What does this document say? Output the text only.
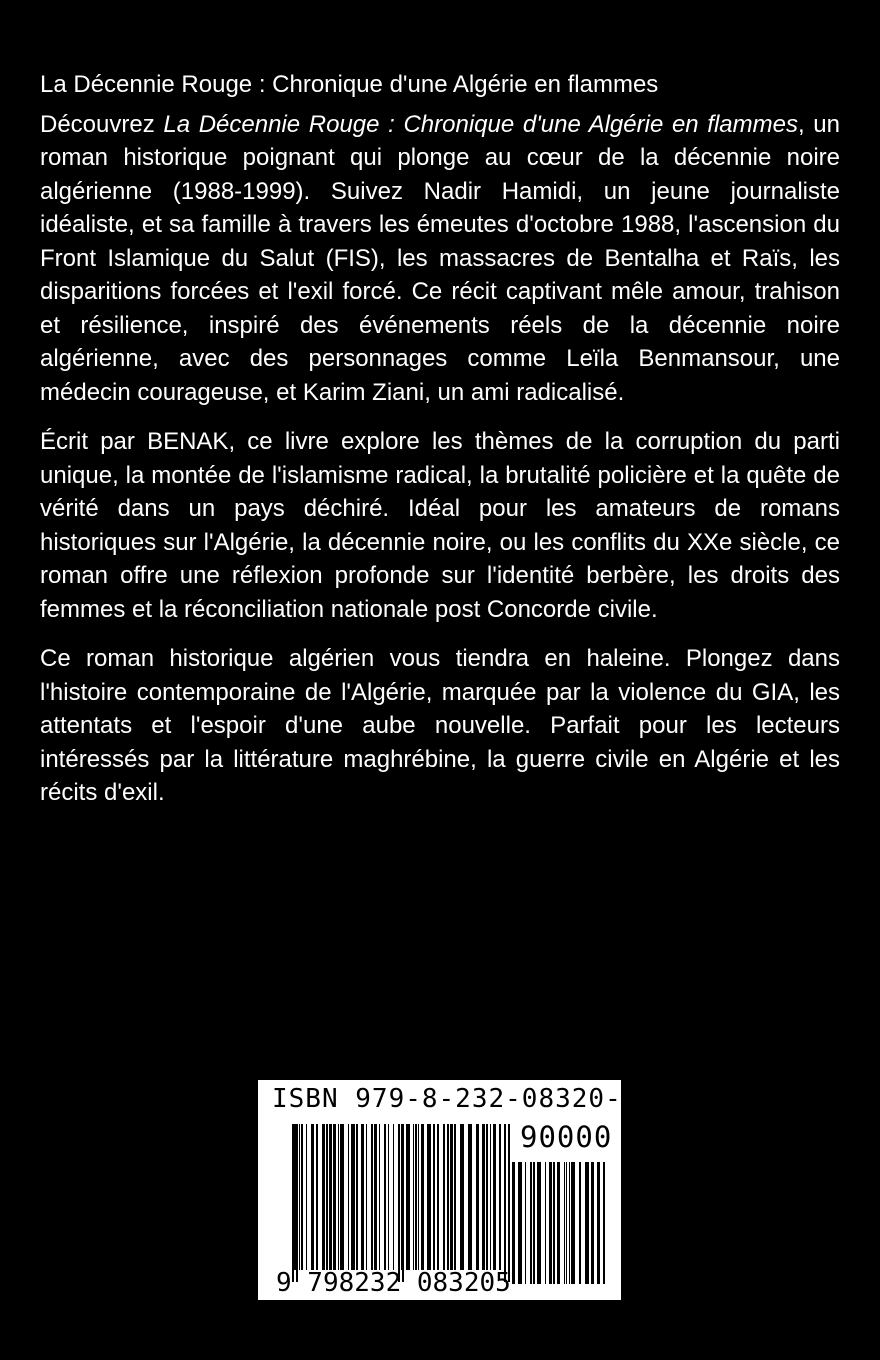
La Décennie Rouge : Chronique d'une Algérie en flammes

Découvrez La Décennie Rouge : Chronique d'une Algérie en flammes, un roman historique poignant qui plonge au cœur de la décennie noire algérienne (1988-1999). Suivez Nadir Hamidi, un jeune journaliste idéaliste, et sa famille à travers les émeutes d'octobre 1988, l'ascension du Front Islamique du Salut (FIS), les massacres de Bentalha et Raïs, les disparitions forcées et l'exil forcé. Ce récit captivant mêle amour, trahison et résilience, inspiré des événements réels de la décennie noire algérienne, avec des personnages comme Leïla Benmansour, une médecin courageuse, et Karim Ziani, un ami radicalisé.

Écrit par BENAK, ce livre explore les thèmes de la corruption du parti unique, la montée de l'islamisme radical, la brutalité policière et la quête de vérité dans un pays déchiré. Idéal pour les amateurs de romans historiques sur l'Algérie, la décennie noire, ou les conflits du XXe siècle, ce roman offre une réflexion profonde sur l'identité berbère, les droits des femmes et la réconciliation nationale post Concorde civile.

Ce roman historique algérien vous tiendra en haleine. Plongez dans l'histoire contemporaine de l'Algérie, marquée par la violence du GIA, les attentats et l'espoir d'une aube nouvelle. Parfait pour les lecteurs intéressés par la littérature maghrébine, la guerre civile en Algérie et les récits d'exil.

ISBN 979-8-232-08320-5
90000
9 798232 083205
